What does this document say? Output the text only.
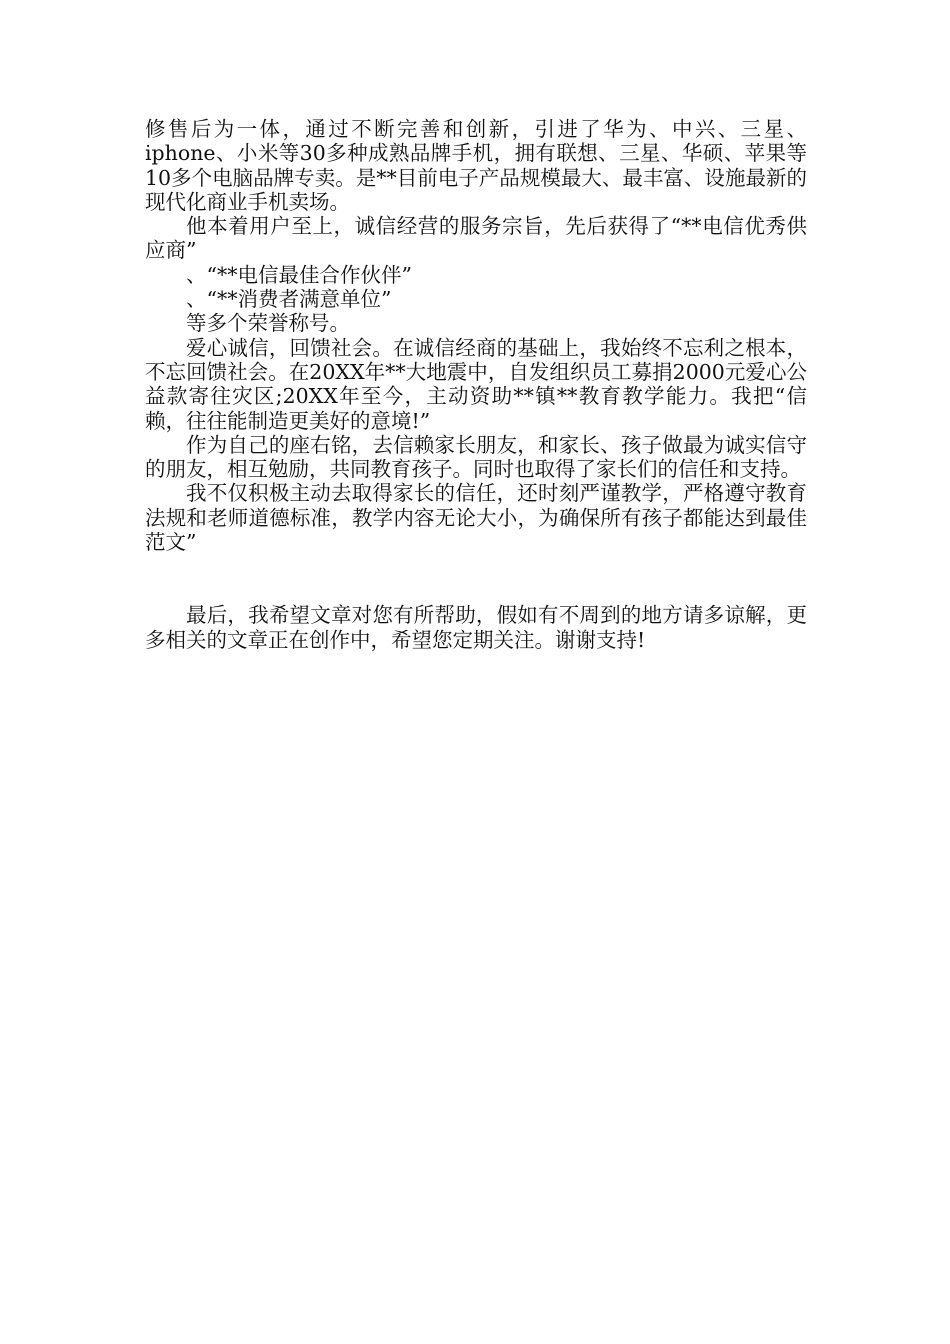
修售后为一体，通过不断完善和创新，引进了华为、中兴、三星、iphone、小米等30多种成熟品牌手机，拥有联想、三星、华硕、苹果等10多个电脑品牌专卖。是**目前电子产品规模最大、最丰富、设施最新的现代化商业手机卖场。

他本着用户至上，诚信经营的服务宗旨，先后获得了“**电信优秀供应商”

、“**电信最佳合作伙伴”

、“**消费者满意单位”

等多个荣誉称号。

爱心诚信，回馈社会。在诚信经商的基础上，我始终不忘利之根本，不忘回馈社会。在20XX年**大地震中，自发组织员工募捐2000元爱心公益款寄往灾区;20XX年至今，主动资助**镇**教育教学能力。我把“信赖，往往能制造更美好的意境!”

作为自己的座右铭，去信赖家长朋友，和家长、孩子做最为诚实信守的朋友，相互勉励，共同教育孩子。同时也取得了家长们的信任和支持。

我不仅积极主动去取得家长的信任，还时刻严谨教学，严格遵守教育法规和老师道德标准，教学内容无论大小，为确保所有孩子都能达到最佳范文”

最后，我希望文章对您有所帮助，假如有不周到的地方请多谅解，更多相关的文章正在创作中，希望您定期关注。谢谢支持!
